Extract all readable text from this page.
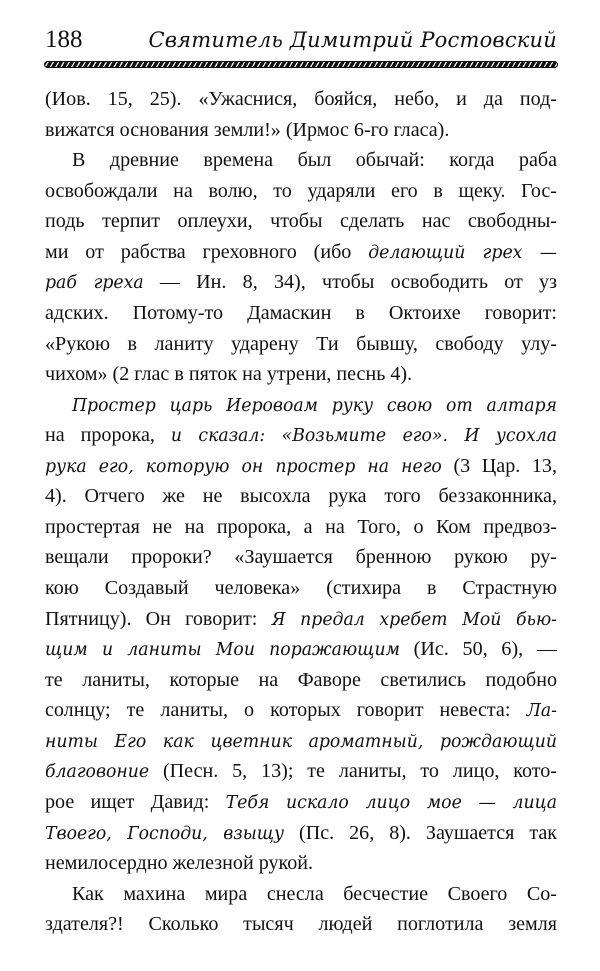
188	Святитель Димитрий Ростовский
(Иов. 15, 25). «Ужаснися, бояйся, небо, и да под-
вижатся основания земли!» (Ирмос 6-го гласа).
В древние времена был обычай: когда раба
освобождали на волю, то ударяли его в щеку. Гос-
подь терпит оплеухи, чтобы сделать нас свободны-
ми от рабства греховного (ибо делающий грех —
раб греха — Ин. 8, 34), чтобы освободить от уз
адских. Потому-то Дамаскин в Октоихе говорит:
«Рукою в ланиту ударену Ти бывшу, свободу улу-
чихом» (2 глас в пяток на утрени, песнь 4).
Простер царь Иеровоам руку свою от алтаря
на пророка, и сказал: «Возьмите его». И усохла
рука его, которую он простер на него (3 Цар. 13,
4). Отчего же не высохла рука того беззаконника,
простертая не на пророка, а на Того, о Ком предвоз-
вещали пророки? «Заушается бренною рукою ру-
кою Создавый человека» (стихира в Страстную
Пятницу). Он говорит: Я предал хребет Мой бью-
щим и ланиты Мои поражающим (Ис. 50, 6), —
те ланиты, которые на Фаворе светились подобно
солнцу; те ланиты, о которых говорит невеста: Ла-
ниты Его как цветник ароматный, рождающий
благовоние (Песн. 5, 13); те ланиты, то лицо, кото-
рое ищет Давид: Тебя искало лицо мое — лица
Твоего, Господи, взыщу (Пс. 26, 8). Заушается так
немилосердно железной рукой.
Как махина мира снесла бесчестие Своего Со-
здателя?! Сколько тысяч людей поглотила земля
